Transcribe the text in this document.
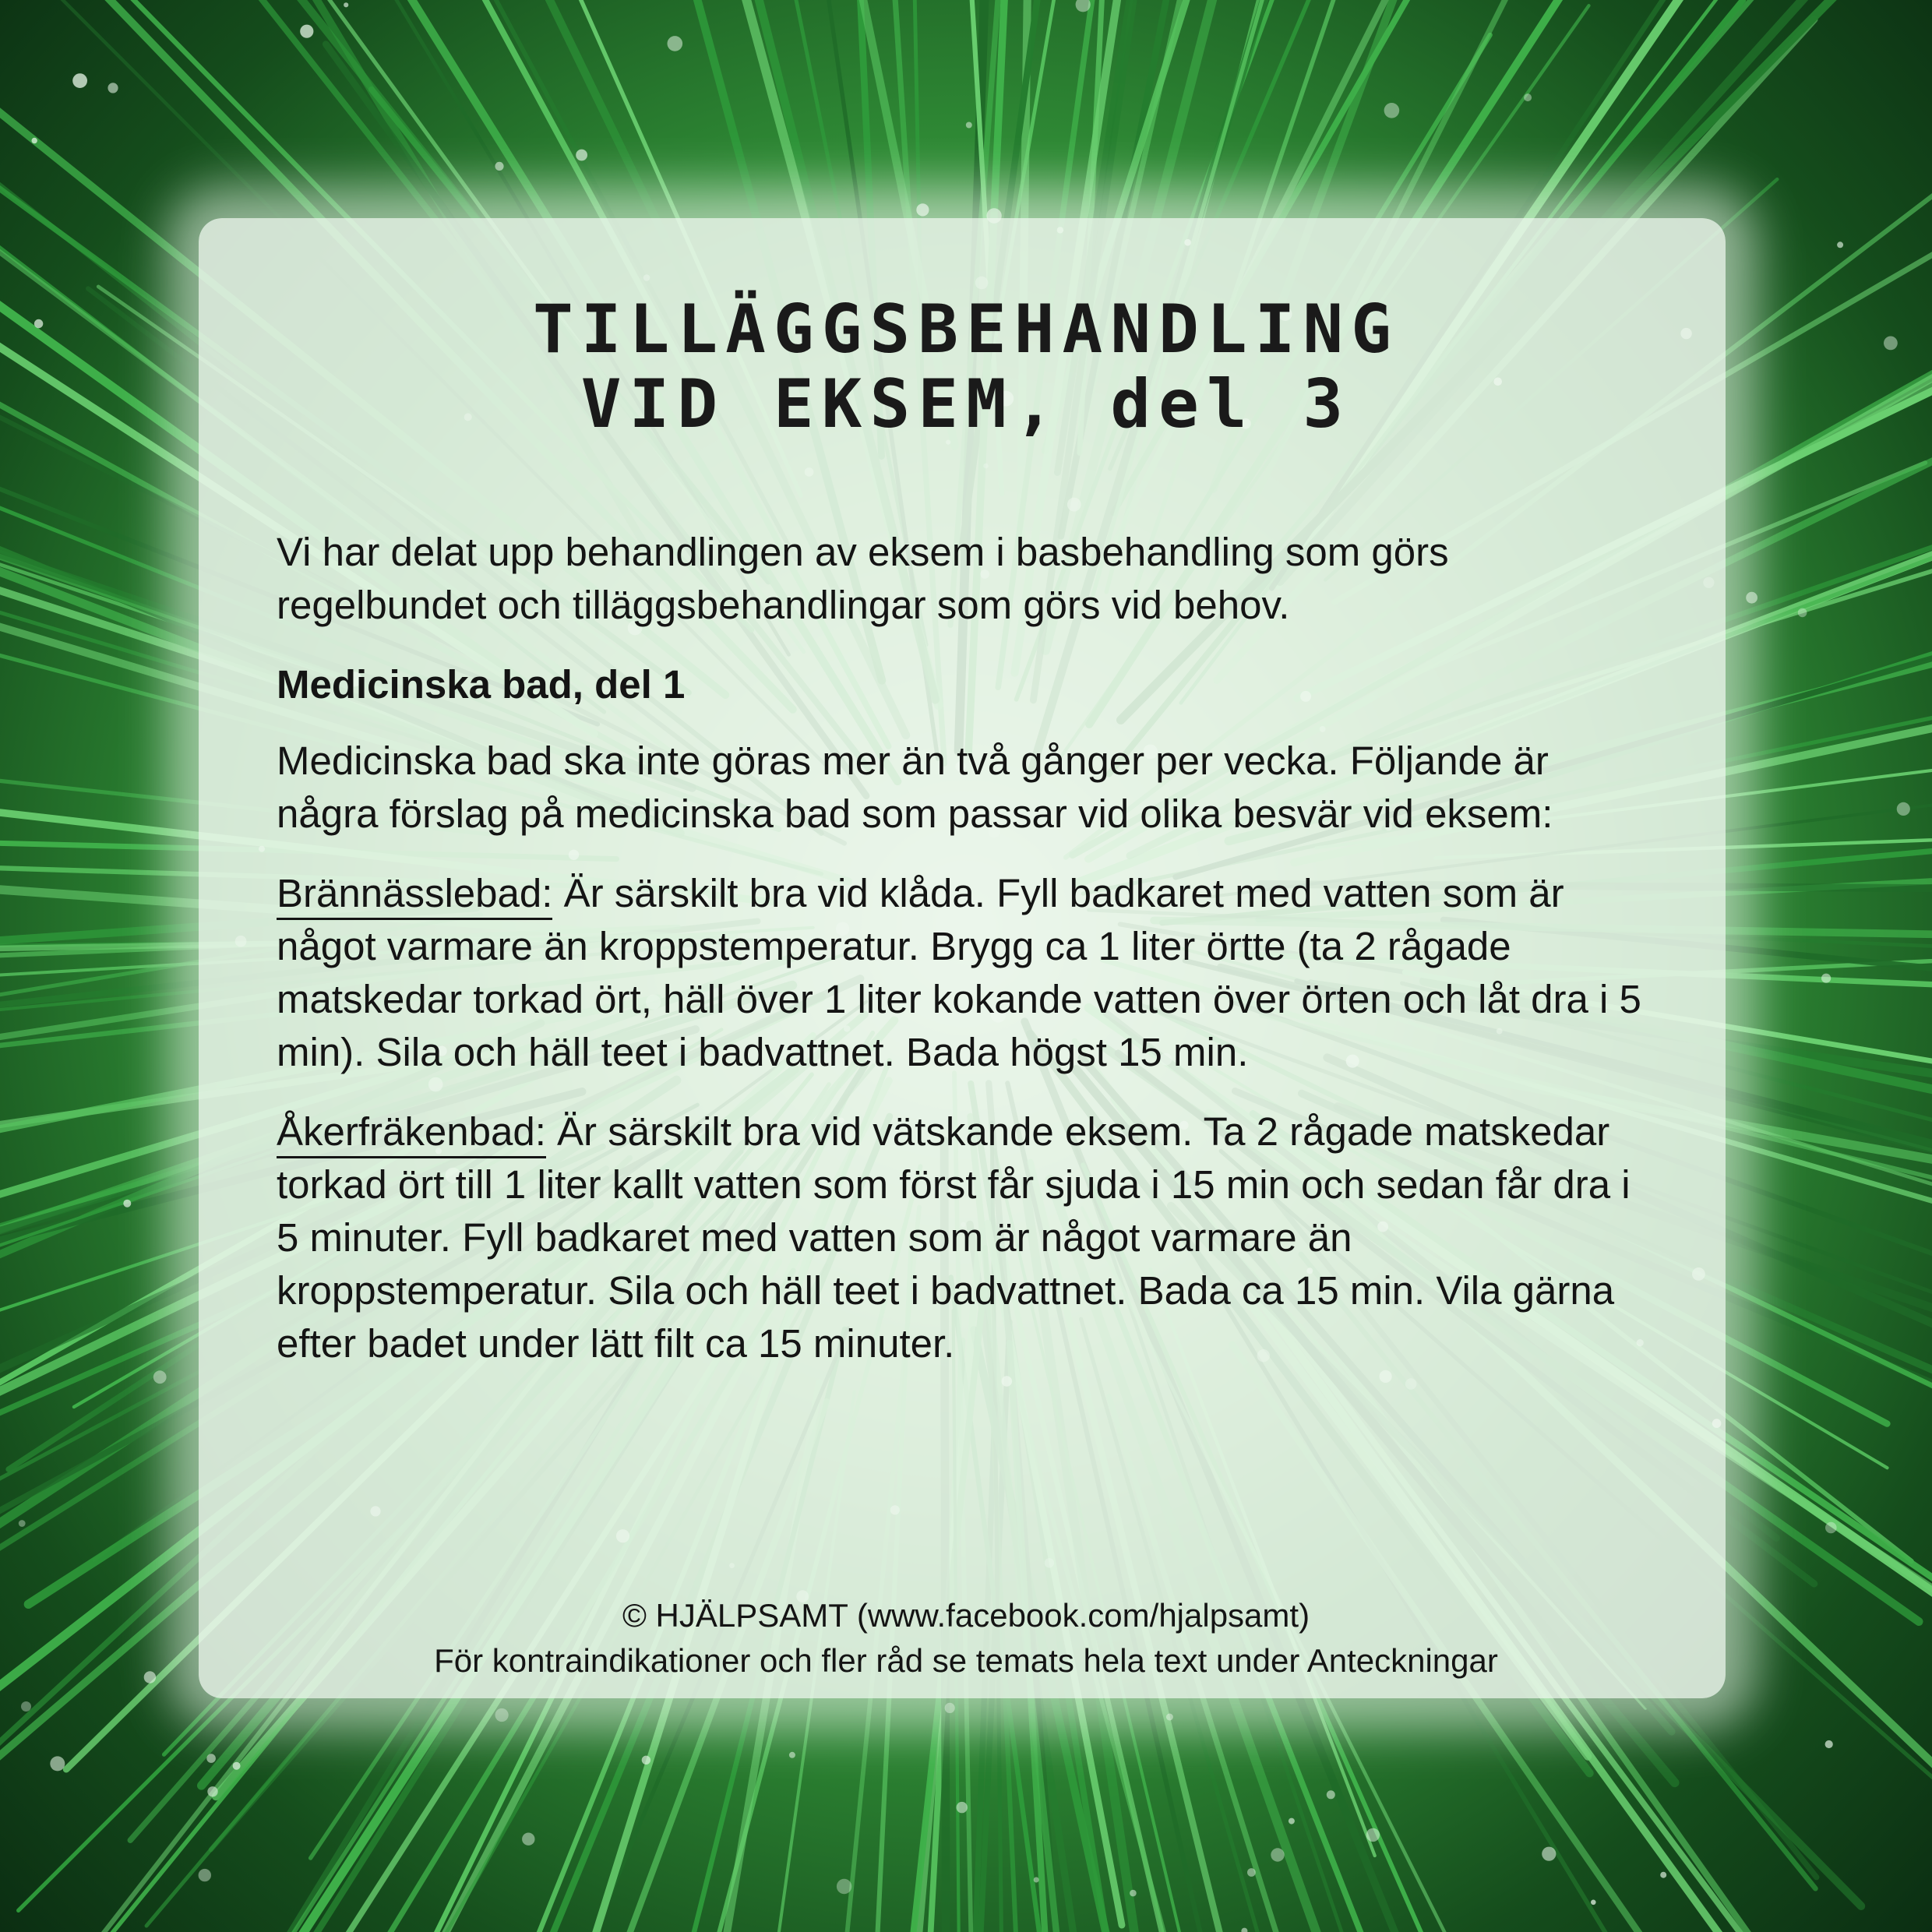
TILLÄGGSBEHANDLING
VID EKSEM, del 3

Vi har delat upp behandlingen av eksem i basbehandling som görs regelbundet och tilläggsbehandlingar som görs vid behov.

Medicinska bad, del 1

Medicinska bad ska inte göras mer än två gånger per vecka. Följande är några förslag på medicinska bad som passar vid olika besvär vid eksem:

Brännässlebad: Är särskilt bra vid klåda. Fyll badkaret med vatten som är något varmare än kroppstemperatur. Brygg ca 1 liter örtte (ta 2 rågade matskedar torkad ört, häll över 1 liter kokande vatten över örten och låt dra i 5 min). Sila och häll teet i badvattnet. Bada högst 15 min.

Åkerfräkenbad: Är särskilt bra vid vätskande eksem. Ta 2 rågade matskedar torkad ört till 1 liter kallt vatten som först får sjuda i 15 min och sedan får dra i 5 minuter. Fyll badkaret med vatten som är något varmare än kroppstemperatur. Sila och häll teet i badvattnet. Bada ca 15 min. Vila gärna efter badet under lätt filt ca 15 minuter.

© HJÄLPSAMT (www.facebook.com/hjalpsamt)
För kontraindikationer och fler råd se temats hela text under Anteckningar
